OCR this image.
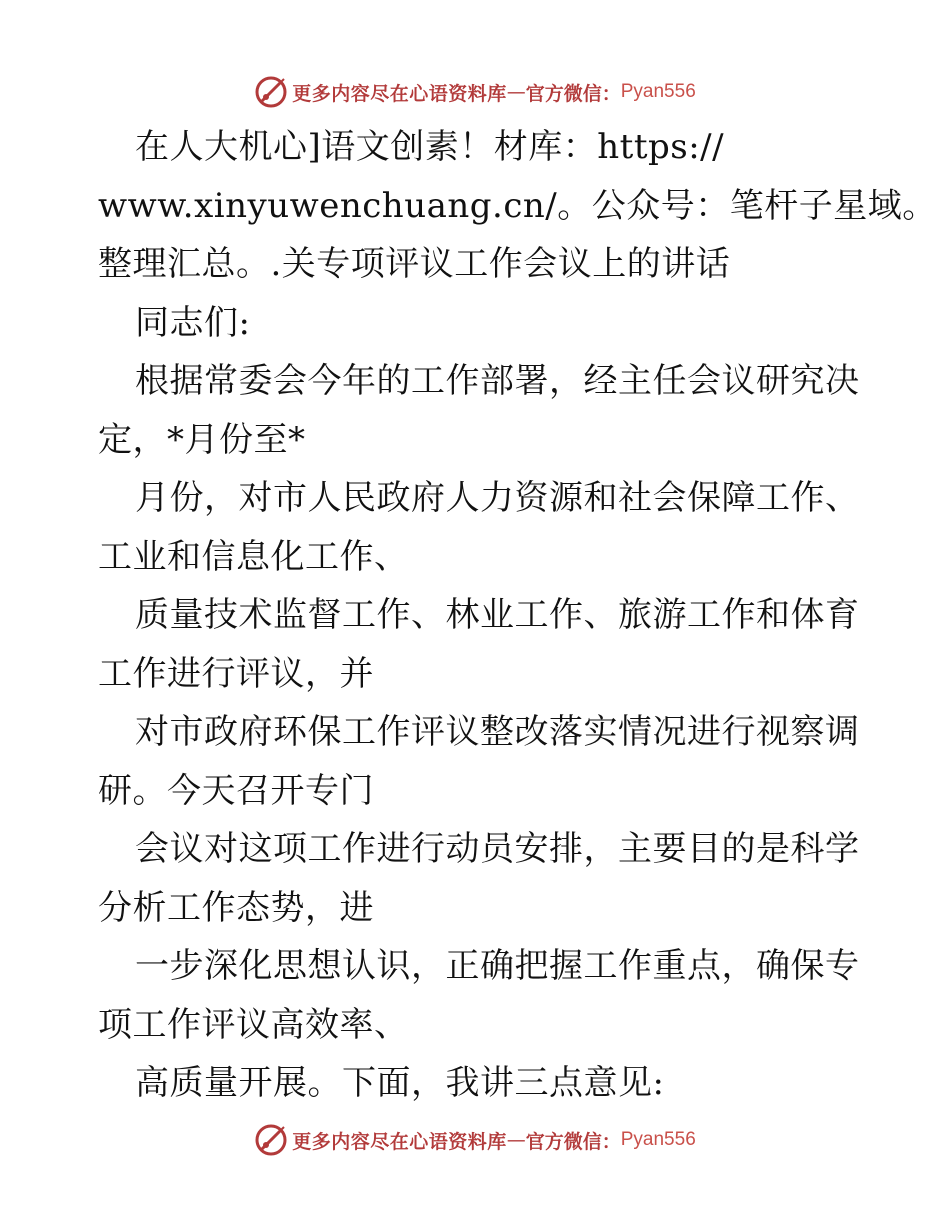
更多内容尽在心语资料库 — 官方微信： Pyan556
在人大机心]语文创素！材库：https://
www.xinyuwenchuang.cn/。公众号：笔杆子星域。
整理汇总。.关专项评议工作会议上的讲话
同志们:
根据常委会今年的工作部署，经主任会议研究决
定，*月份至*
月份，对市人民政府人力资源和社会保障工作、
工业和信息化工作、
质量技术监督工作、林业工作、旅游工作和体育
工作进行评议，并
对市政府环保工作评议整改落实情况进行视察调
研。今天召开专门
会议对这项工作进行动员安排，主要目的是科学
分析工作态势，进
一步深化思想认识，正确把握工作重点，确保专
项工作评议高效率、
高质量开展。下面，我讲三点意见:
更多内容尽在心语资料库 — 官方微信： Pyan556
